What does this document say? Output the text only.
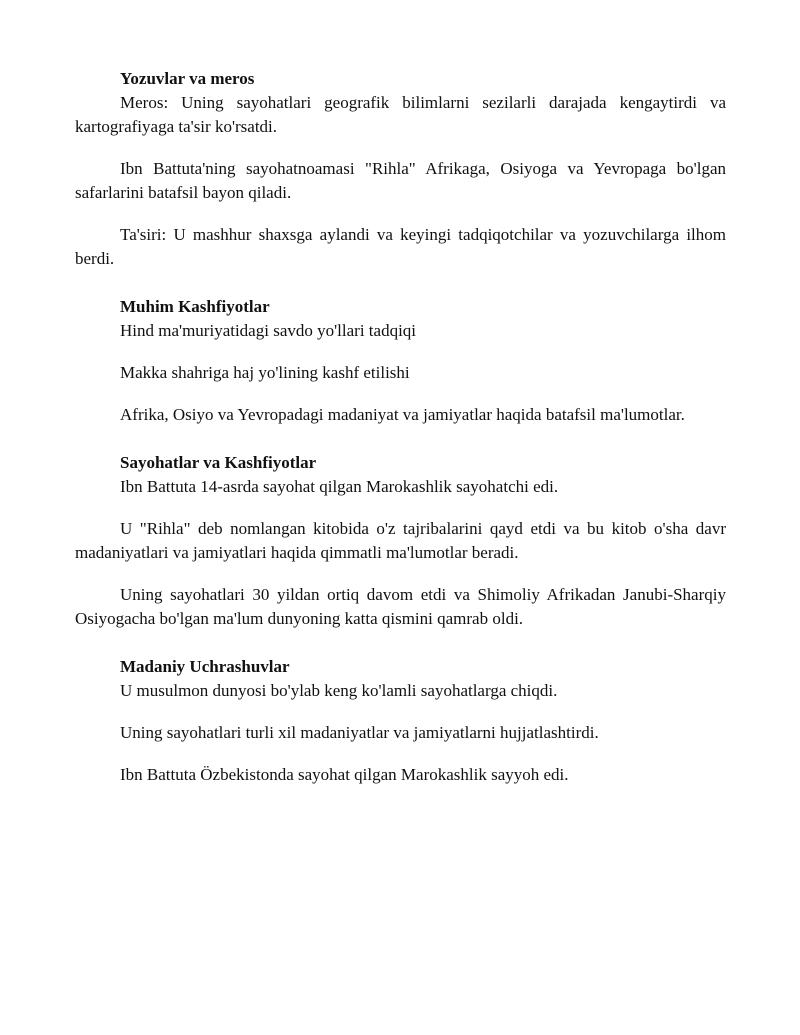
Yozuvlar va meros

Meros: Uning sayohatlari geografik bilimlarni sezilarli darajada kengaytirdi va kartografiyaga ta'sir ko'rsatdi.

Ibn Battuta'ning sayohatnoamasi "Rihla" Afrikaga, Osiyoga va Yevropaga bo'lgan safarlarini batafsil bayon qiladi.

Ta'siri: U mashhur shaxsga aylandi va keyingi tadqiqotchilar va yozuvchilarga ilhom berdi.

Muhim Kashfiyotlar

Hind ma'muriyatidagi savdo yo'llari tadqiqi

Makka shahriga haj yo'lining kashf etilishi

Afrika, Osiyo va Yevropadagi madaniyat va jamiyatlar haqida batafsil ma'lumotlar.

Sayohatlar va Kashfiyotlar

Ibn Battuta 14-asrda sayohat qilgan Marokashlik sayohatchi edi.

U "Rihla" deb nomlangan kitobida o'z tajribalarini qayd etdi va bu kitob o'sha davr madaniyatlari va jamiyatlari haqida qimmatli ma'lumotlar beradi.

Uning sayohatlari 30 yildan ortiq davom etdi va Shimoliy Afrikadan Janubi-Sharqiy Osiyogacha bo'lgan ma'lum dunyoning katta qismini qamrab oldi.

Madaniy Uchrashuvlar

U musulmon dunyosi bo'ylab keng ko'lamli sayohatlarga chiqdi.

Uning sayohatlari turli xil madaniyatlar va jamiyatlarni hujjatlashtirdi.

Ibn Battuta Özbekistonda sayohat qilgan Marokashlik sayyoh edi.
